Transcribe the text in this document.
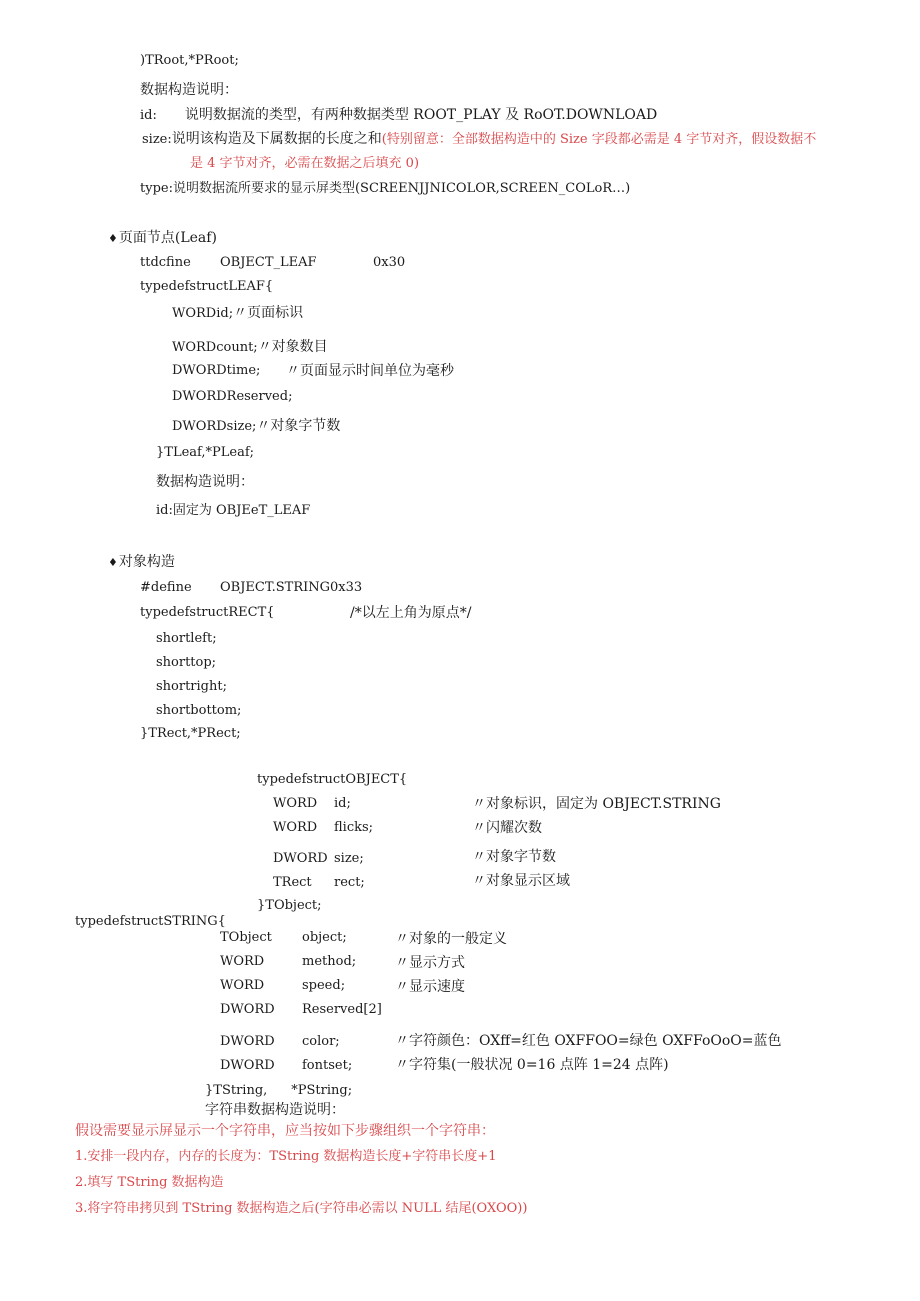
)TRoot,*PRoot;
数据构造说明：
id: 说明数据流的类型，有两种数据类型 ROOT_PLAY 及 RoOT.DOWNLOAD
size:说明该构造及下属数据的长度之和(特别留意：全部数据构造中的 Size 字段都必需是 4 字节对齐，假设数据不
是 4 字节对齐，必需在数据之后填充 0)
type:说明数据流所要求的显示屏类型(SCREENJJNICOLOR,SCREEN_COLoR…)
♦页面节点(Leaf)
ttdcfine OBJECT_LEAF	0x30
typedefstructLEAF{
WORDid;〃页面标识
WORDcount;〃对象数目
DWORDtime; 〃页面显示时间单位为毫秒
DWORDReserved;
DWORDsize;〃对象字节数
}TLeaf,*PLeaf;
数据构造说明：
id:固定为 OBJEeT_LEAF
♦对象构造
#define OBJECT.STRING0x33
typedefstructRECT{	/*以左上角为原点*/
shortleft;
shorttop;
shortright;
shortbottom;
}TRect,*PRect;
typedefstructOBJECT{
WORD id;	〃对象标识，固定为 OBJECT.STRING
WORD flicks;	〃闪耀次数
DWORD size;	〃对象字节数
TRect rect;	〃对象显示区域
}TObject;
typedefstructSTRING{
TObject object;	〃对象的一般定义
WORD	method;	〃显示方式
WORD	speed;	〃显示速度
DWORD Reserved[2]
DWORD color;	〃字符颜色：OXff=红色 OXFFOO=绿色 OXFFoOoO=蓝色
DWORD fontset;	〃字符集(一般状况 0=16 点阵 1=24 点阵)
}TString, *PString;
字符串数据构造说明：
假设需要显示屏显示一个字符串，应当按如下步骤组织一个字符串：
1.安排一段内存，内存的长度为：TString 数据构造长度+字符串长度+1
2.填写 TString 数据构造
3.将字符串拷贝到 TString 数据构造之后(字符串必需以 NULL 结尾(OXOO))
